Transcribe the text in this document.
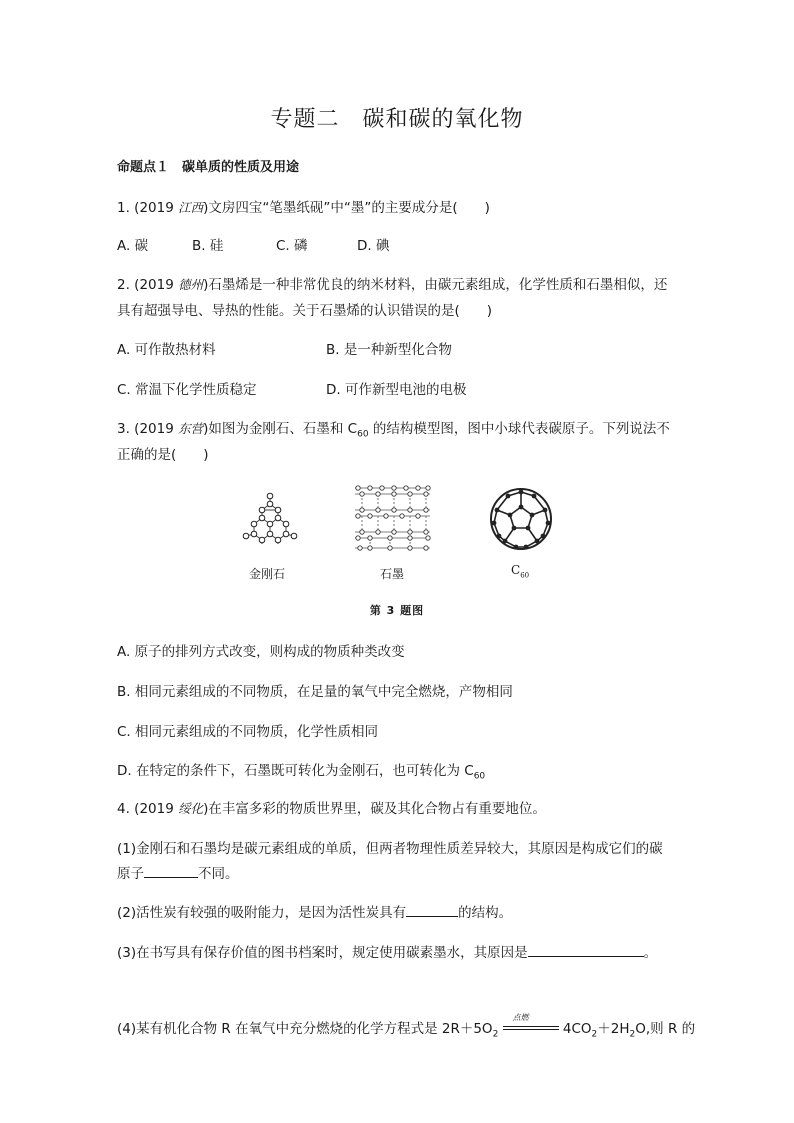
专题二　碳和碳的氧化物
命题点１　碳单质的性质及用途
1. (2019 江西)文房四宝“笔墨纸砚”中“墨”的主要成分是(　　)
A. 碳	B. 硅	C. 磷	D. 碘
2. (2019 德州)石墨烯是一种非常优良的纳米材料，由碳元素组成，化学性质和石墨相似，还
具有超强导电、导热的性能。关于石墨烯的认识错误的是(　　)
A. 可作散热材料	B. 是一种新型化合物
C. 常温下化学性质稳定	D. 可作新型电池的电极
3. (2019 东营)如图为金刚石、石墨和 $C_{60}$ 的结构模型图，图中小球代表碳原子。下列说法不
正确的是(　　)
金刚石	石墨	$C_{60}$
第 3 题图
A. 原子的排列方式改变，则构成的物质种类改变
B. 相同元素组成的不同物质，在足量的氧气中完全燃烧，产物相同
C. 相同元素组成的不同物质，化学性质相同
D. 在特定的条件下，石墨既可转化为金刚石，也可转化为 $C_{60}$
4. (2019 绥化)在丰富多彩的物质世界里，碳及其化合物占有重要地位。
(1)金刚石和石墨均是碳元素组成的单质，但两者物理性质差异较大，其原因是构成它们的碳
原子	不同。
(2)活性炭有较强的吸附能力，是因为活性炭具有	的结构。
(3)在书写具有保存价值的图书档案时，规定使用碳素墨水，其原因是	。
(4)某有机化合物 R 在氧气中充分燃烧的化学方程式是 $2R+5O_2$
点燃
$4CO_2+2H_2O$,则 R 的
